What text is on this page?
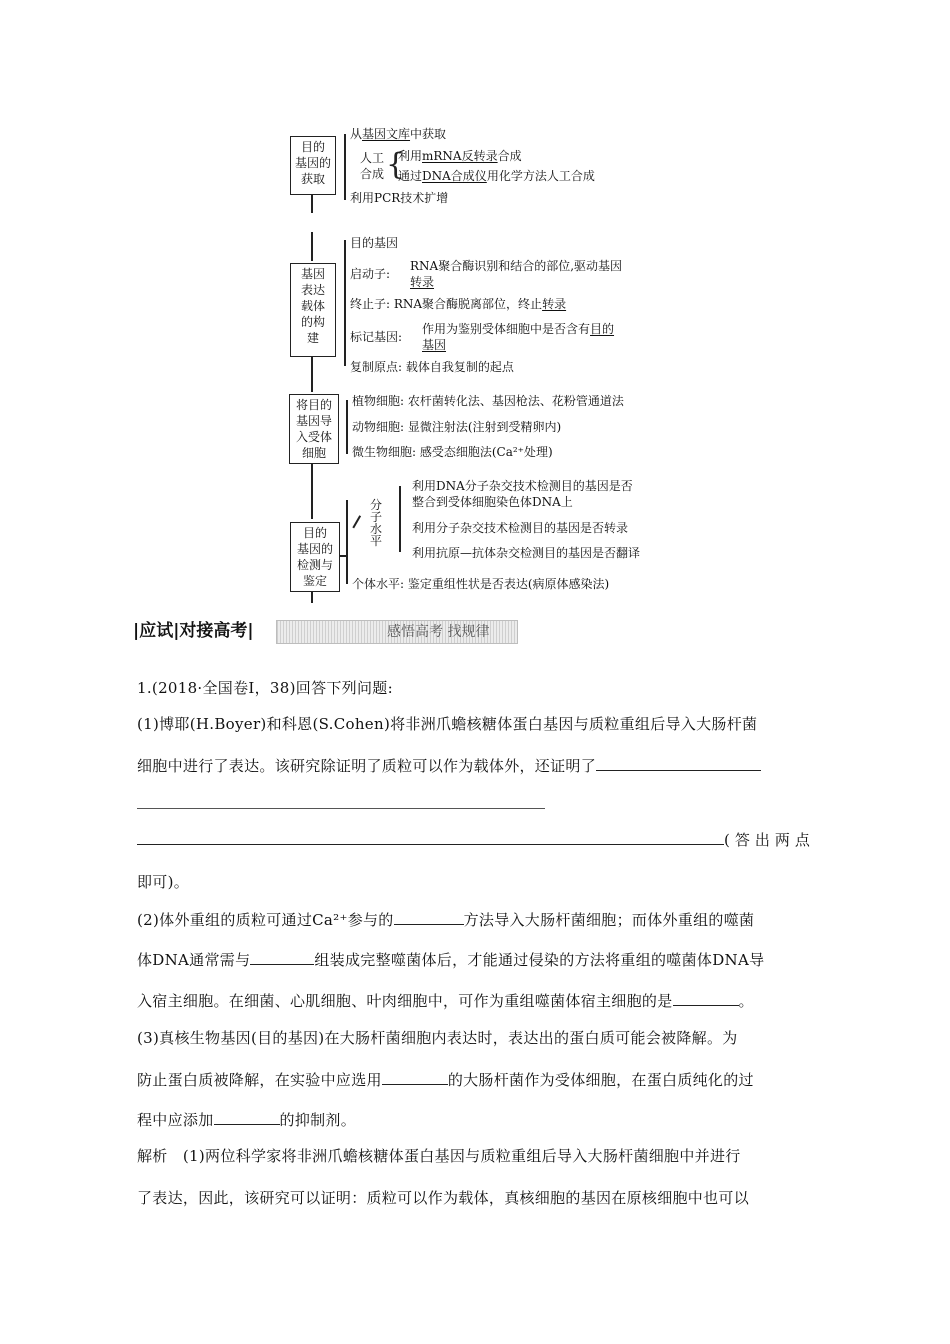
目的
基因的
获取
基因
表达
载体
的构
建
将目的
基因导
入受体
细胞
目的
基因的
检测与
鉴定
从基因文库中获取
人工
合成 {
利用mRNA反转录合成
通过DNA合成仪用化学方法人工合成
利用PCR技术扩增
目的基因
启动子:
RNA聚合酶识别和结合的部位,驱动基因
转录
终止子: RNA聚合酶脱离部位，终止转录
标记基因:
作用为鉴别受体细胞中是否含有目的
基因
复制原点: 载体自我复制的起点
植物细胞: 农杆菌转化法、基因枪法、花粉管通道法
动物细胞: 显微注射法(注射到受精卵内)
微生物细胞: 感受态细胞法(Ca²⁺处理)
分
子
水
平
利用DNA分子杂交技术检测目的基因是否
整合到受体细胞染色体DNA上
利用分子杂交技术检测目的基因是否转录
利用抗原—抗体杂交检测目的基因是否翻译
个体水平: 鉴定重组性状是否表达(病原体感染法)
|应试|对接高考|	感悟高考 找规律
1.(2018·全国卷Ⅰ，38)回答下列问题:
(1)博耶(H.Boyer)和科恩(S.Cohen)将非洲爪蟾核糖体蛋白基因与质粒重组后导入大肠杆菌
细胞中进行了表达。该研究除证明了质粒可以作为载体外，还证明了
(答出两点
即可)。
(2)体外重组的质粒可通过Ca²⁺参与的	方法导入大肠杆菌细胞；而体外重组的噬菌
体DNA通常需与	组装成完整噬菌体后，才能通过侵染的方法将重组的噬菌体DNA导
入宿主细胞。在细菌、心肌细胞、叶肉细胞中，可作为重组噬菌体宿主细胞的是	。
(3)真核生物基因(目的基因)在大肠杆菌细胞内表达时，表达出的蛋白质可能会被降解。为
防止蛋白质被降解，在实验中应选用	的大肠杆菌作为受体细胞，在蛋白质纯化的过
程中应添加	的抑制剂。
解析　(1)两位科学家将非洲爪蟾核糖体蛋白基因与质粒重组后导入大肠杆菌细胞中并进行
了表达，因此，该研究可以证明：质粒可以作为载体，真核细胞的基因在原核细胞中也可以
